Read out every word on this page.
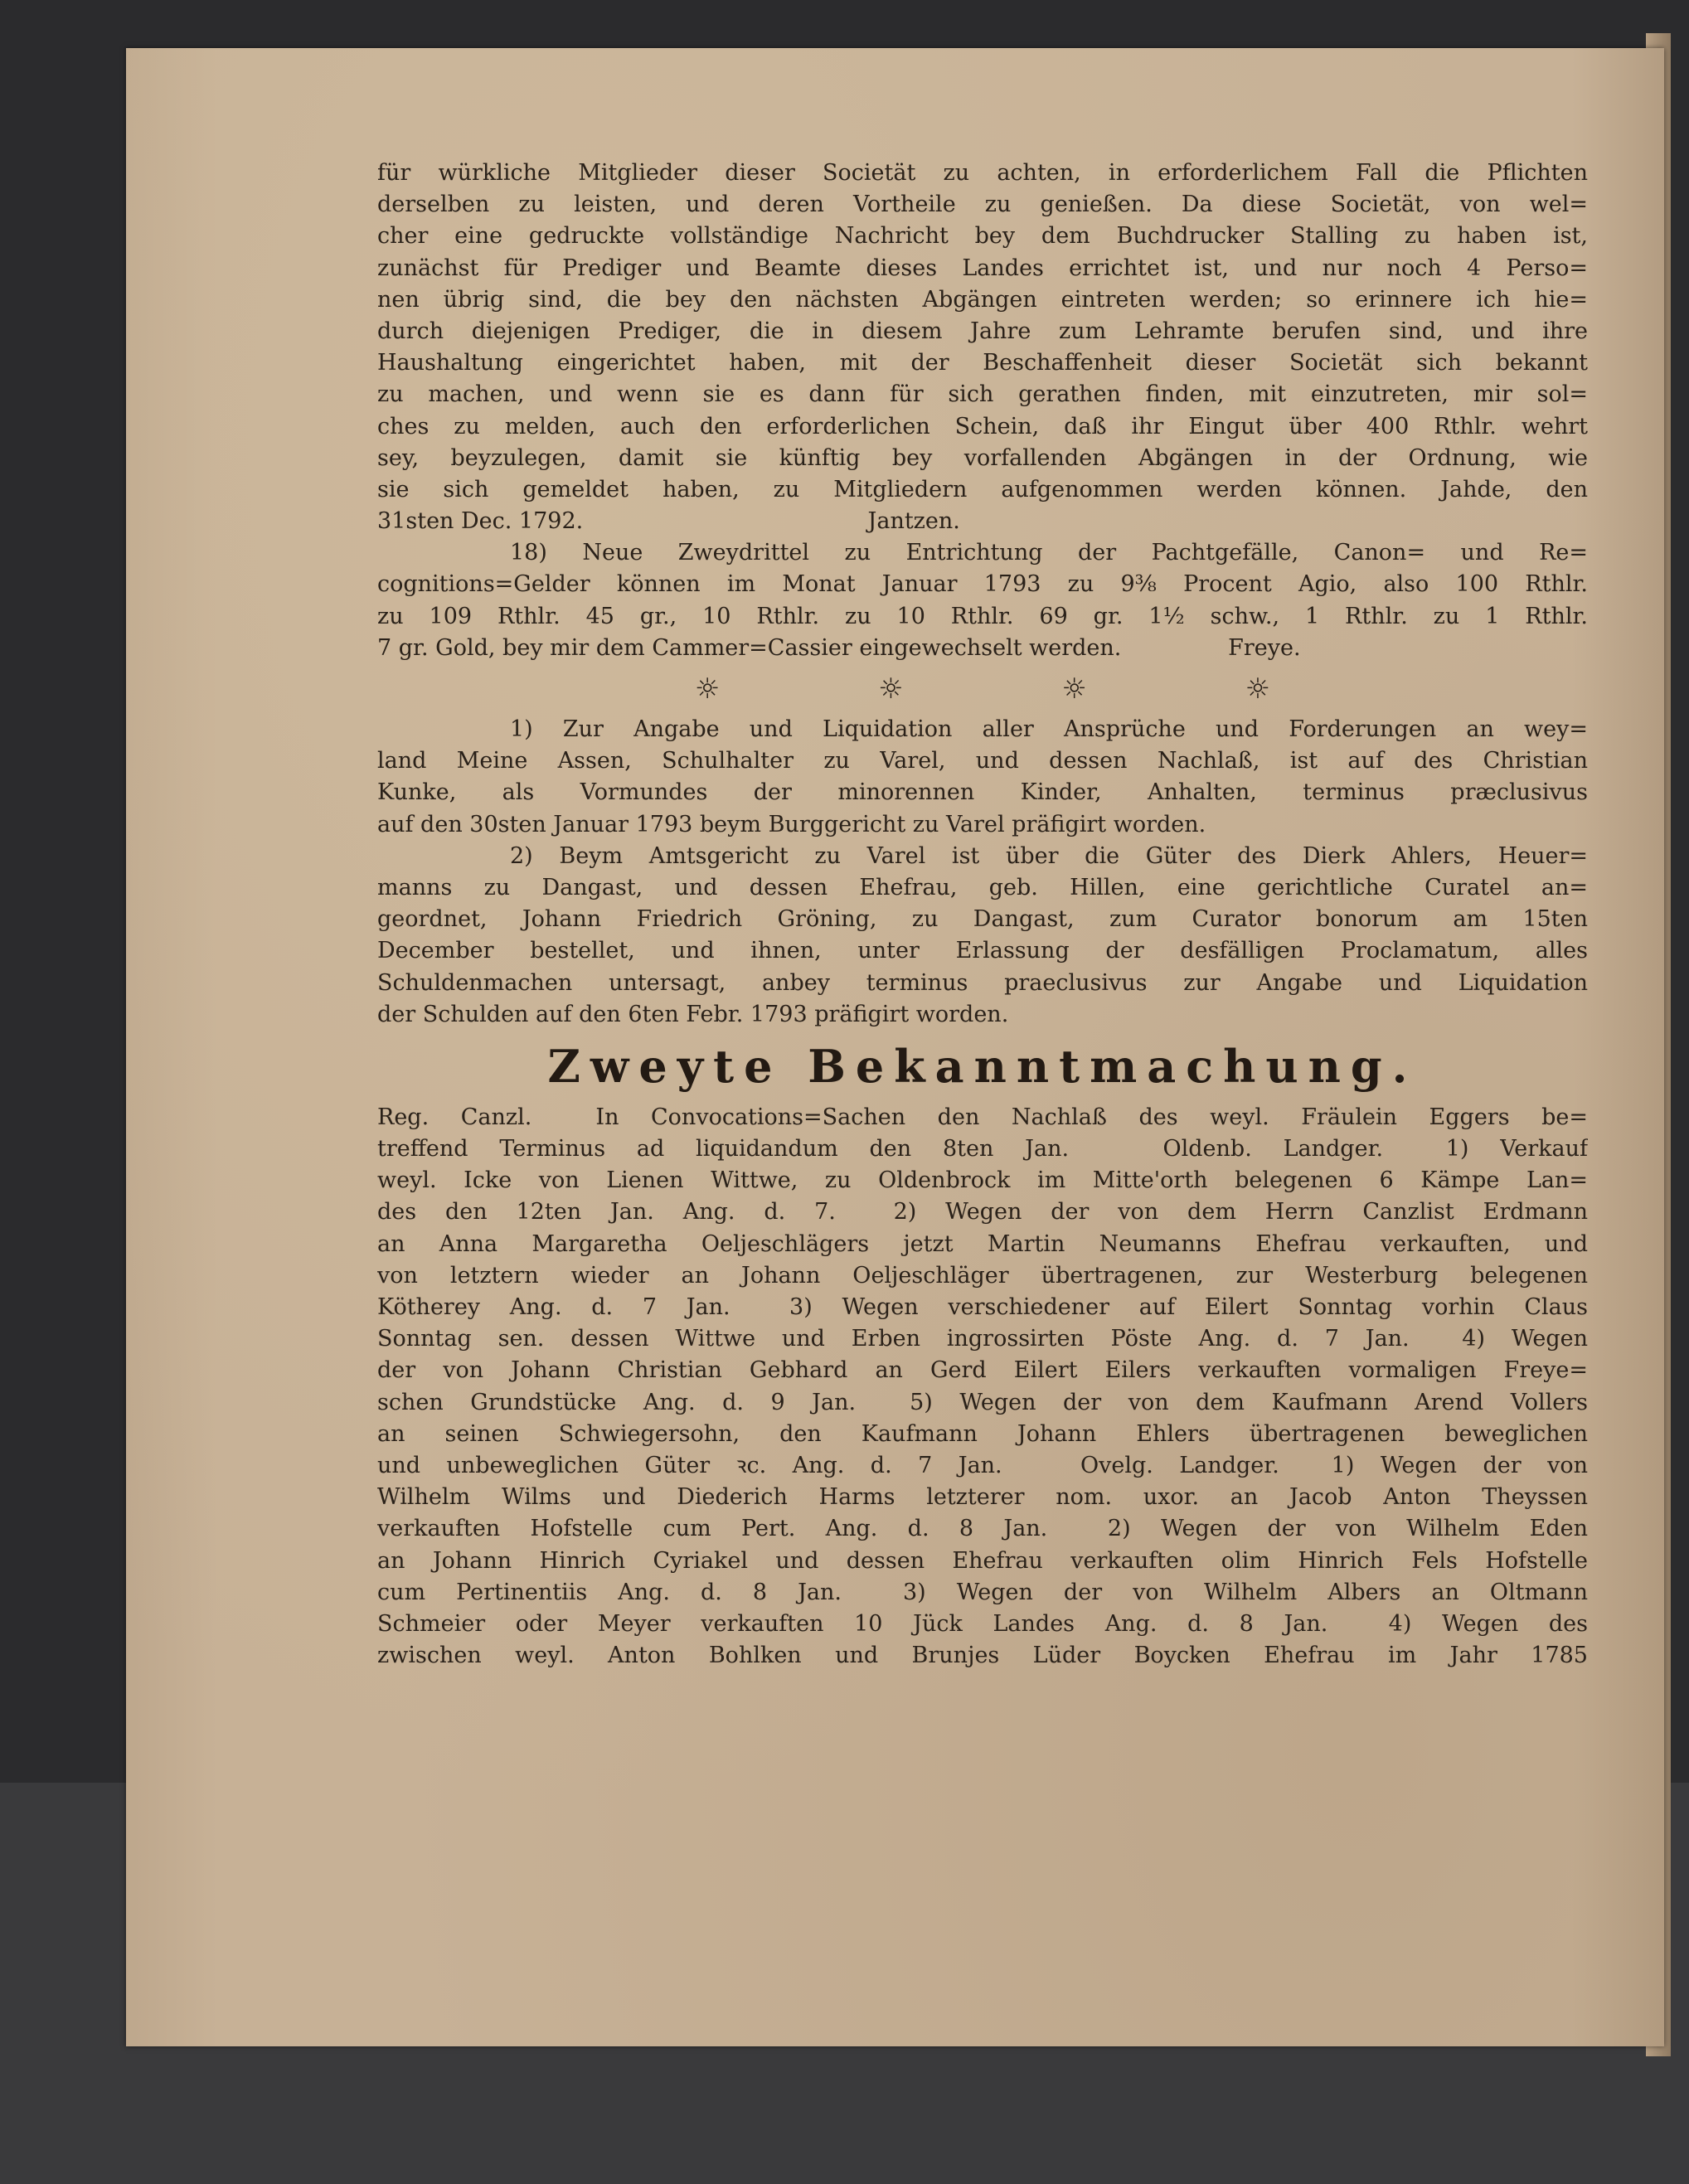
für würkliche Mitglieder dieser Societät zu achten, in erforderlichem Fall die Pflichten
derselben zu leisten, und deren Vortheile zu genießen. Da diese Societät, von wel=
cher eine gedruckte vollständige Nachricht bey dem Buchdrucker Stalling zu haben ist,
zunächst für Prediger und Beamte dieses Landes errichtet ist, und nur noch 4 Perso=
nen übrig sind, die bey den nächsten Abgängen eintreten werden; so erinnere ich hie=
durch diejenigen Prediger, die in diesem Jahre zum Lehramte berufen sind, und ihre
Haushaltung eingerichtet haben, mit der Beschaffenheit dieser Societät sich bekannt
zu machen, und wenn sie es dann für sich gerathen finden, mit einzutreten, mir sol=
ches zu melden, auch den erforderlichen Schein, daß ihr Eingut über 400 Rthlr. wehrt
sey, beyzulegen, damit sie künftig bey vorfallenden Abgängen in der Ordnung, wie
sie sich gemeldet haben, zu Mitgliedern aufgenommen werden können. Jahde, den
31sten Dec. 1792.                                        Jantzen.
18) Neue Zweydrittel zu Entrichtung der Pachtgefälle, Canon= und Re=
cognitions=Gelder können im Monat Januar 1793 zu 9⅜ Procent Agio, also 100 Rthlr.
zu 109 Rthlr. 45 gr., 10 Rthlr. zu 10 Rthlr. 69 gr. 1½ schw., 1 Rthlr. zu 1 Rthlr.
7 gr. Gold, bey mir dem Cammer=Cassier eingewechselt werden.               Freye.
☼ ☼ ☼ ☼
1) Zur Angabe und Liquidation aller Ansprüche und Forderungen an wey=
land Meine Assen, Schulhalter zu Varel, und dessen Nachlaß, ist auf des Christian
Kunke, als Vormundes der minorennen Kinder, Anhalten, terminus præclusivus
auf den 30sten Januar 1793 beym Burggericht zu Varel präfigirt worden.
2) Beym Amtsgericht zu Varel ist über die Güter des Dierk Ahlers, Heuer=
manns zu Dangast, und dessen Ehefrau, geb. Hillen, eine gerichtliche Curatel an=
geordnet, Johann Friedrich Gröning, zu Dangast, zum Curator bonorum am 15ten
December bestellet, und ihnen, unter Erlassung der desfälligen Proclamatum, alles
Schuldenmachen untersagt, anbey terminus praeclusivus zur Angabe und Liquidation
der Schulden auf den 6ten Febr. 1793 präfigirt worden.
Zweyte Bekanntmachung.
Reg. Canzl.  In Convocations=Sachen den Nachlaß des weyl. Fräulein Eggers be=
treffend Terminus ad liquidandum den 8ten Jan.   Oldenb. Landger.  1) Verkauf
weyl. Icke von Lienen Wittwe, zu Oldenbrock im Mitte'orth belegenen 6 Kämpe Lan=
des den 12ten Jan. Ang. d. 7.  2) Wegen der von dem Herrn Canzlist Erdmann
an Anna Margaretha Oeljeschlägers jetzt Martin Neumanns Ehefrau verkauften, und
von letztern wieder an Johann Oeljeschläger übertragenen, zur Westerburg belegenen
Kötherey Ang. d. 7 Jan.  3) Wegen verschiedener auf Eilert Sonntag vorhin Claus
Sonntag sen. dessen Wittwe und Erben ingrossirten Pöste Ang. d. 7 Jan.  4) Wegen
der von Johann Christian Gebhard an Gerd Eilert Eilers verkauften vormaligen Freye=
schen Grundstücke Ang. d. 9 Jan.  5) Wegen der von dem Kaufmann Arend Vollers
an seinen Schwiegersohn, den Kaufmann Johann Ehlers übertragenen beweglichen
und unbeweglichen Güter ꝛc. Ang. d. 7 Jan.   Ovelg. Landger.  1) Wegen der von
Wilhelm Wilms und Diederich Harms letzterer nom. uxor. an Jacob Anton Theyssen
verkauften Hofstelle cum Pert. Ang. d. 8 Jan.  2) Wegen der von Wilhelm Eden
an Johann Hinrich Cyriakel und dessen Ehefrau verkauften olim Hinrich Fels Hofstelle
cum Pertinentiis Ang. d. 8 Jan.  3) Wegen der von Wilhelm Albers an Oltmann
Schmeier oder Meyer verkauften 10 Jück Landes Ang. d. 8 Jan.  4) Wegen des
zwischen weyl. Anton Bohlken und Brunjes Lüder Boycken Ehefrau im Jahr 1785
